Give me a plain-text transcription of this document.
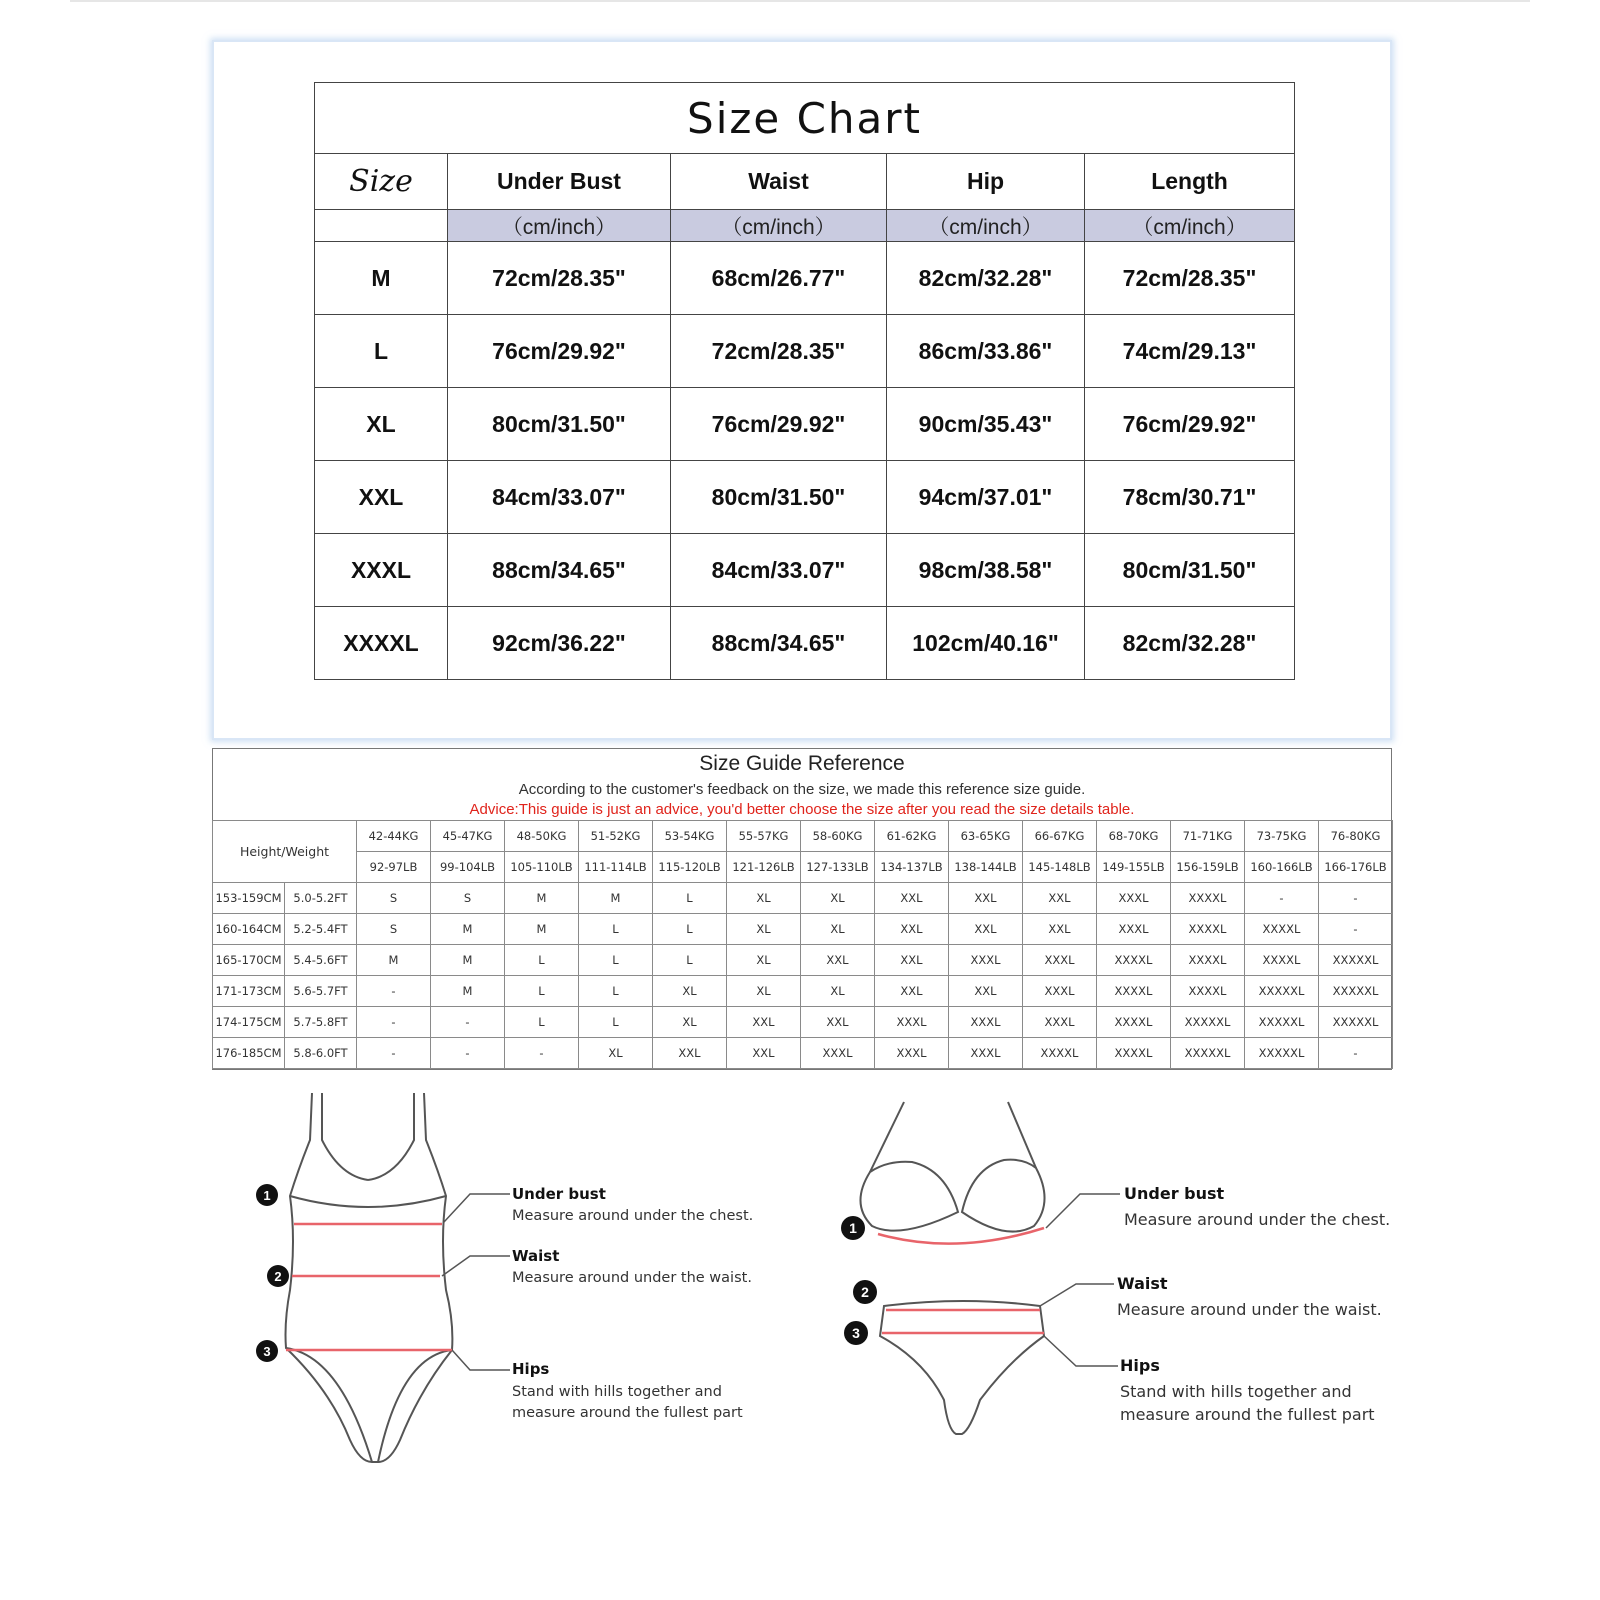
Size Chart				
Size	Under Bust	Waist	Hip	Length
	（cm/inch）	（cm/inch）	（cm/inch）	（cm/inch）
M	72cm/28.35"	68cm/26.77"	82cm/32.28"	72cm/28.35"
L	76cm/29.92"	72cm/28.35"	86cm/33.86"	74cm/29.13"
XL	80cm/31.50"	76cm/29.92"	90cm/35.43"	76cm/29.92"
XXL	84cm/33.07"	80cm/31.50"	94cm/37.01"	78cm/30.71"
XXXL	88cm/34.65"	84cm/33.07"	98cm/38.58"	80cm/31.50"
XXXXL	92cm/36.22"	88cm/34.65"	102cm/40.16"	82cm/32.28"
Size Guide Reference
According to the customer's feedback on the size, we made this reference size guide.
Advice:This guide is just an advice, you'd better choose the size after you read the size details table.
Height/Weight		42-44KG	45-47KG	48-50KG	51-52KG	53-54KG	55-57KG	58-60KG	61-62KG	63-65KG	66-67KG	68-70KG	71-71KG	73-75KG	76-80KG
		92-97LB	99-104LB	105-110LB	111-114LB	115-120LB	121-126LB	127-133LB	134-137LB	138-144LB	145-148LB	149-155LB	156-159LB	160-166LB	166-176LB
153-159CM	5.0-5.2FT	S	S	M	M	L	XL	XL	XXL	XXL	XXL	XXXL	XXXXL	-	-
160-164CM	5.2-5.4FT	S	M	M	L	L	XL	XL	XXL	XXL	XXL	XXXL	XXXXL	XXXXL	-
165-170CM	5.4-5.6FT	M	M	L	L	L	XL	XXL	XXL	XXXL	XXXL	XXXXL	XXXXL	XXXXL	XXXXXL
171-173CM	5.6-5.7FT	-	M	L	L	XL	XL	XL	XXL	XXL	XXXL	XXXXL	XXXXL	XXXXXL	XXXXXL
174-175CM	5.7-5.8FT	-	-	L	L	XL	XXL	XXL	XXXL	XXXL	XXXL	XXXXL	XXXXXL	XXXXXL	XXXXXL
176-185CM	5.8-6.0FT	-	-	-	XL	XXL	XXL	XXXL	XXXL	XXXL	XXXXL	XXXXL	XXXXXL	XXXXXL	-
1
2
3
1
2
3
Under bust
Measure around under the chest.
Waist
Measure around under the waist.
Hips
Stand with hills together and measure around the fullest part
Under bust
Measure around under the chest.
Waist
Measure around under the waist.
Hips
Stand with hills together and measure around the fullest part
